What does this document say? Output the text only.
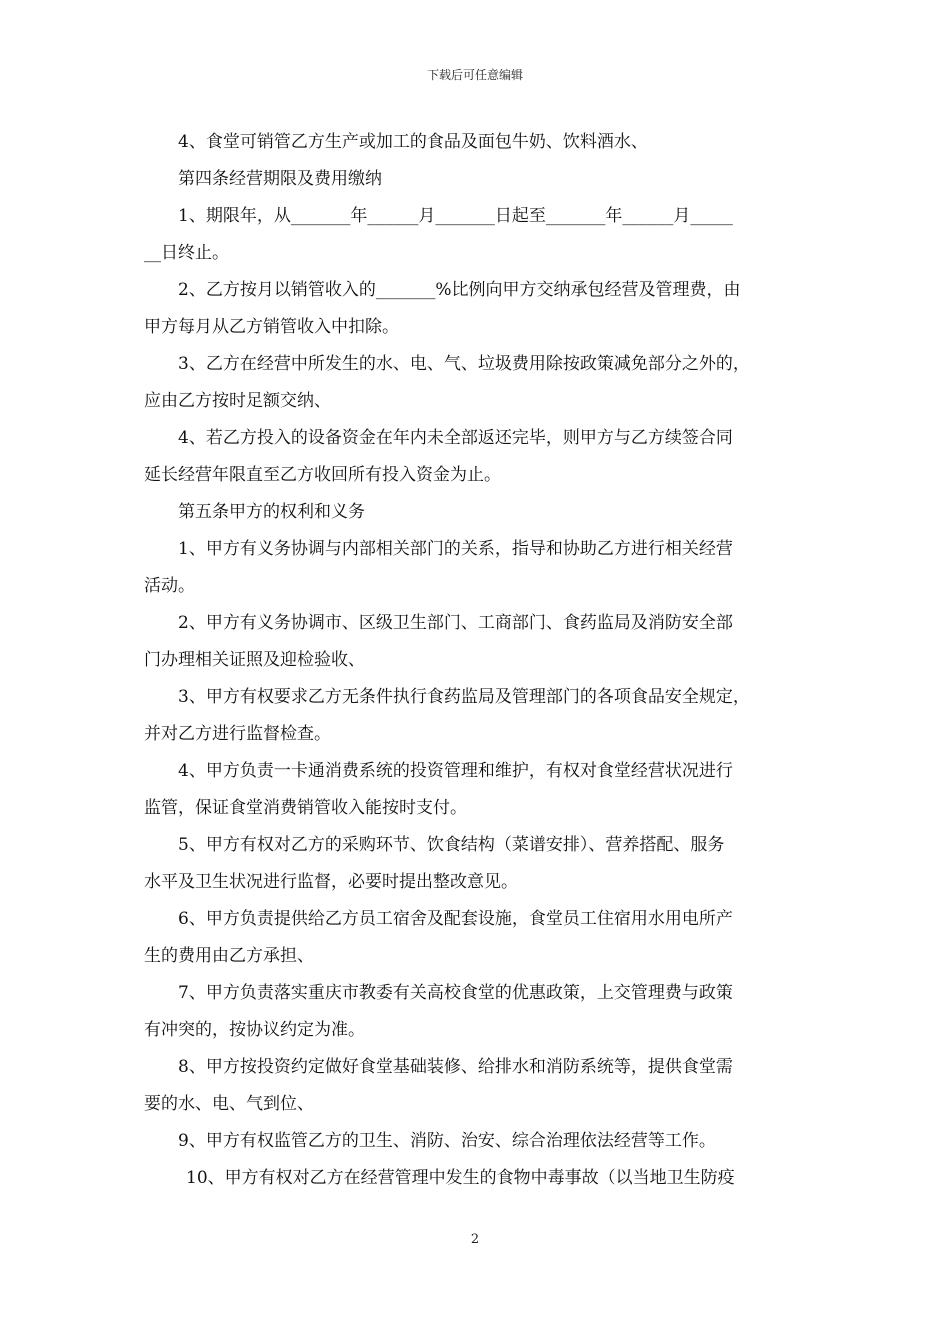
下载后可任意编辑
4、食堂可销管乙方生产或加工的食品及面包牛奶、饮料酒水、
第四条经营期限及费用缴纳
1、期限年，从_______年______月_______日起至_______年______月_____
__日终止。
2、乙方按月以销管收入的_______%比例向甲方交纳承包经营及管理费，由
甲方每月从乙方销管收入中扣除。
3、乙方在经营中所发生的水、电、气、垃圾费用除按政策减免部分之外的，
应由乙方按时足额交纳、
4、若乙方投入的设备资金在年内未全部返还完毕，则甲方与乙方续签合同
延长经营年限直至乙方收回所有投入资金为止。
第五条甲方的权利和义务
1、甲方有义务协调与内部相关部门的关系，指导和协助乙方进行相关经营
活动。
2、甲方有义务协调市、区级卫生部门、工商部门、食药监局及消防安全部
门办理相关证照及迎检验收、
3、甲方有权要求乙方无条件执行食药监局及管理部门的各项食品安全规定，
并对乙方进行监督检查。
4、甲方负责一卡通消费系统的投资管理和维护，有权对食堂经营状况进行
监管，保证食堂消费销管收入能按时支付。
5、甲方有权对乙方的采购环节、饮食结构（菜谱安排）、营养搭配、服务
水平及卫生状况进行监督，必要时提出整改意见。
6、甲方负责提供给乙方员工宿舍及配套设施，食堂员工住宿用水用电所产
生的费用由乙方承担、
7、甲方负责落实重庆市教委有关高校食堂的优惠政策，上交管理费与政策
有冲突的，按协议约定为准。
8、甲方按投资约定做好食堂基础装修、给排水和消防系统等，提供食堂需
要的水、电、气到位、
9、甲方有权监管乙方的卫生、消防、治安、综合治理依法经营等工作。
10、甲方有权对乙方在经营管理中发生的食物中毒事故（以当地卫生防疫
2
